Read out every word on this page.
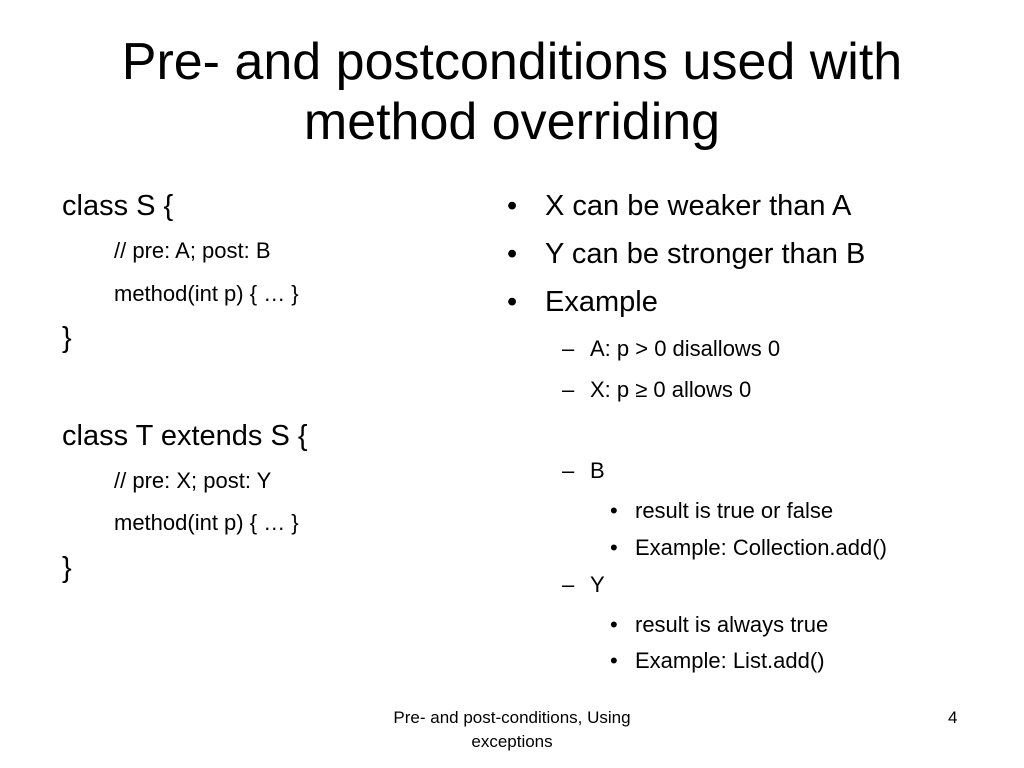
Pre- and postconditions used with
method overriding
class S {
// pre: A; post: B
method(int p) { … }
}
class T extends S {
// pre: X; post: Y
method(int p) { … }
}
• X can be weaker than A
• Y can be stronger than B
• Example
– A: p > 0 disallows 0
– X: p ≥ 0 allows 0
– B
• result is true or false
• Example: Collection.add()
– Y
• result is always true
• Example: List.add()
Pre- and post-conditions, Using
exceptions
4
